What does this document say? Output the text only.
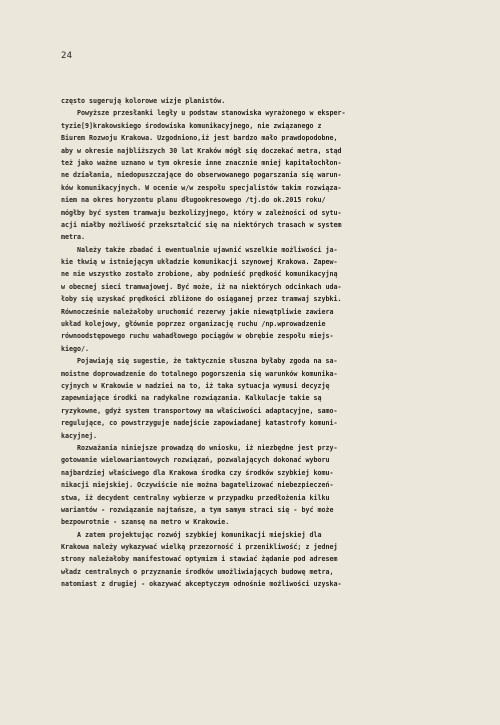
24
często sugerują kolorowe wizje planistów.
Powyższe przesłanki legły u podstaw stanowiska wyrażonego w eksper-
tyzie[9]krakowskiego środowiska komunikacyjnego, nie związanego z
Biurem Rozwoju Krakowa. Uzgodniono,iż jest bardzo mało prawdopodobne,
aby w okresie najbliższych 30 lat Kraków mógł się doczekać metra, stąd
też jako ważne uznano w tym okresie inne znacznie mniej kapitałochłon-
ne działania, niedopuszczające do obserwowanego pogarszania się warun-
ków komunikacyjnych. W ocenie w/w zespołu specjalistów takim rozwiąza-
niem na okres horyzontu planu długookresowego /tj.do ok.2015 roku/
mógłby być system tramwaju bezkolizyjnego, który w zależności od sytu-
acji miałby możliwość przekształcić się na niektórych trasach w system
metra.
Należy także zbadać i ewentualnie ujawnić wszelkie możliwości ja-
kie tkwią w istniejącym układzie komunikacji szynowej Krakowa. Zapew-
ne nie wszystko zostało zrobione, aby podnieść prędkość komunikacyjną
w obecnej sieci tramwajowej. Być może, iż na niektórych odcinkach uda-
łoby się uzyskać prędkości zbliżone do osiąganej przez tramwaj szybki.
Równocześnie należałoby uruchomić rezerwy jakie niewątpliwie zawiera
układ kolejowy, głównie poprzez organizację ruchu /np.wprowadzenie
równoodstępowego ruchu wahadłowego pociągów w obrębie zespołu miejs-
kiego/.
Pojawiają się sugestie, że taktycznie słuszna byłaby zgoda na sa-
moistne doprowadzenie do totalnego pogorszenia się warunków komunika-
cyjnych w Krakowie w nadziei na to, iż taka sytuacja wymusi decyzję
zapewniające środki na radykalne rozwiązania. Kalkulacje takie są
ryzykowne, gdyż system transportowy ma właściwości adaptacyjne, samo-
regulujące, co powstrzyguje nadejście zapowiadanej katastrofy komuni-
kacyjnej.
Rozważania niniejsze prowadzą do wniosku, iż niezbędne jest przy-
gotowanie wielowariantowych rozwiązań, pozwalających dokonać wyboru
najbardziej właściwego dla Krakowa środka czy środków szybkiej komu-
nikacji miejskiej. Oczywiście nie można bagatelizować niebezpieczeń-
stwa, iż decydent centralny wybierze w przypadku przedłożenia kilku
wariantów - rozwiązanie najtańsze, a tym samym straci się - być może
bezpowrotnie - szansę na metro w Krakowie.
A zatem projektując rozwój szybkiej komunikacji miejskiej dla
Krakowa należy wykazywać wielką przezorność i przenikliwość; z jednej
strony należałoby manifestować optymizm i stawiać żądanie pod adresem
władz centralnych o przyznanie środków umożliwiających budowę metra,
natomiast z drugiej - okazywać akceptyczym odnośnie możliwości uzyska-
